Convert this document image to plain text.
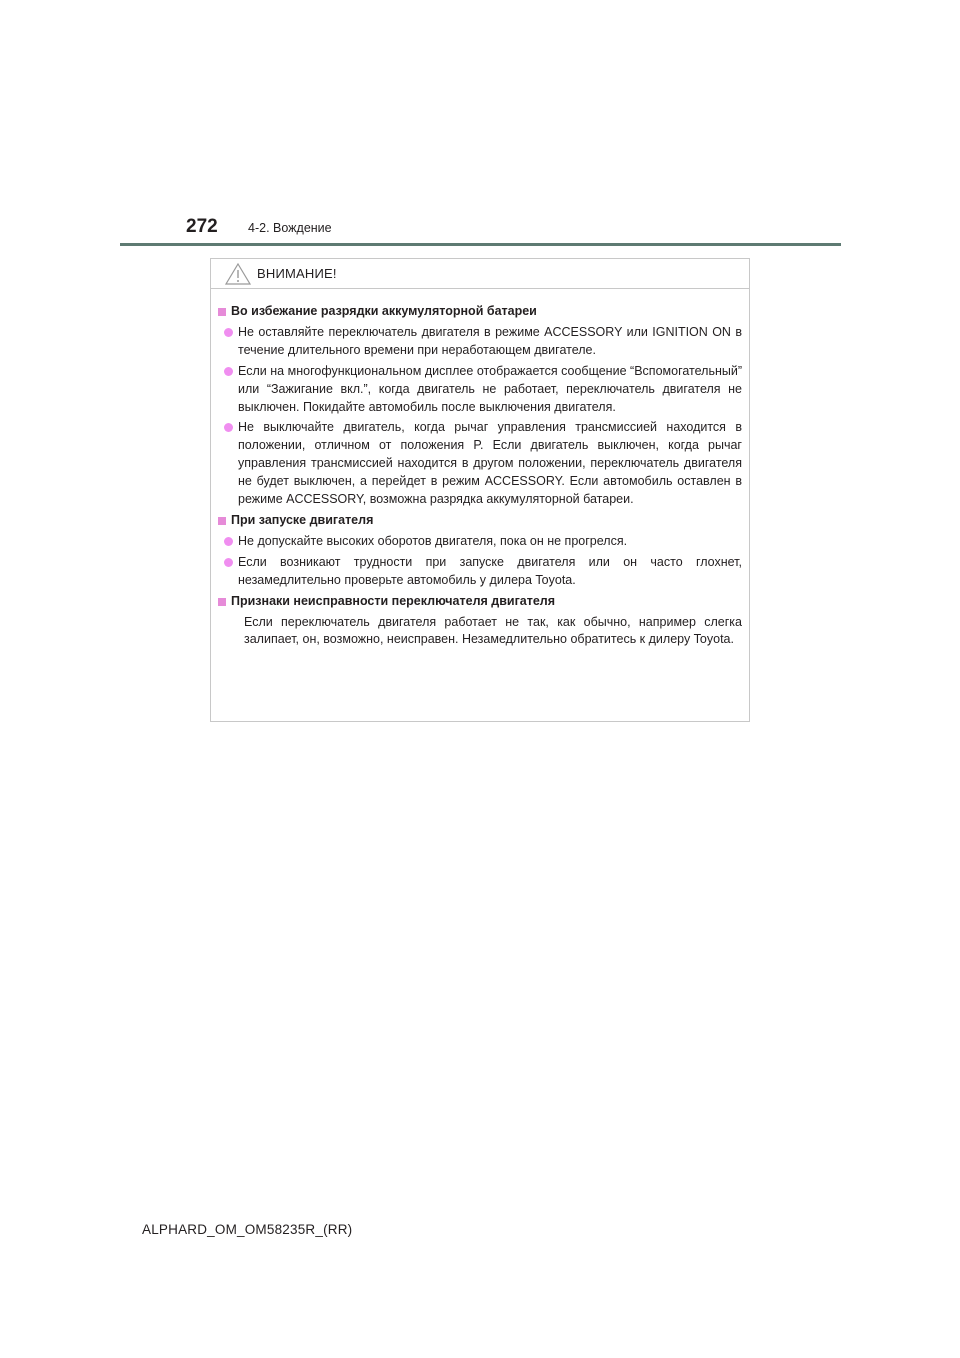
272	4-2. Вождение
ВНИМАНИЕ!
Во избежание разрядки аккумуляторной батареи
Не оставляйте переключатель двигателя в режиме ACCESSORY или IGNITION ON в течение длительного времени при неработающем двигателе.
Если на многофункциональном дисплее отображается сообщение “Вспомогательный” или “Зажигание вкл.”, когда двигатель не работает, переключатель двигателя не выключен. Покидайте автомобиль после выключения двигателя.
Не выключайте двигатель, когда рычаг управления трансмиссией находится в положении, отличном от положения P. Если двигатель выключен, когда рычаг управления трансмиссией находится в другом положении, переключатель двигателя не будет выключен, а перейдет в режим ACCESSORY. Если автомобиль оставлен в режиме ACCESSORY, возможна разрядка аккумуляторной батареи.
При запуске двигателя
Не допускайте высоких оборотов двигателя, пока он не прогрелся.
Если возникают трудности при запуске двигателя или он часто глохнет, незамедлительно проверьте автомобиль у дилера Toyota.
Признаки неисправности переключателя двигателя
Если переключатель двигателя работает не так, как обычно, например слегка залипает, он, возможно, неисправен. Незамедлительно обратитесь к дилеру Toyota.
ALPHARD_OM_OM58235R_(RR)
